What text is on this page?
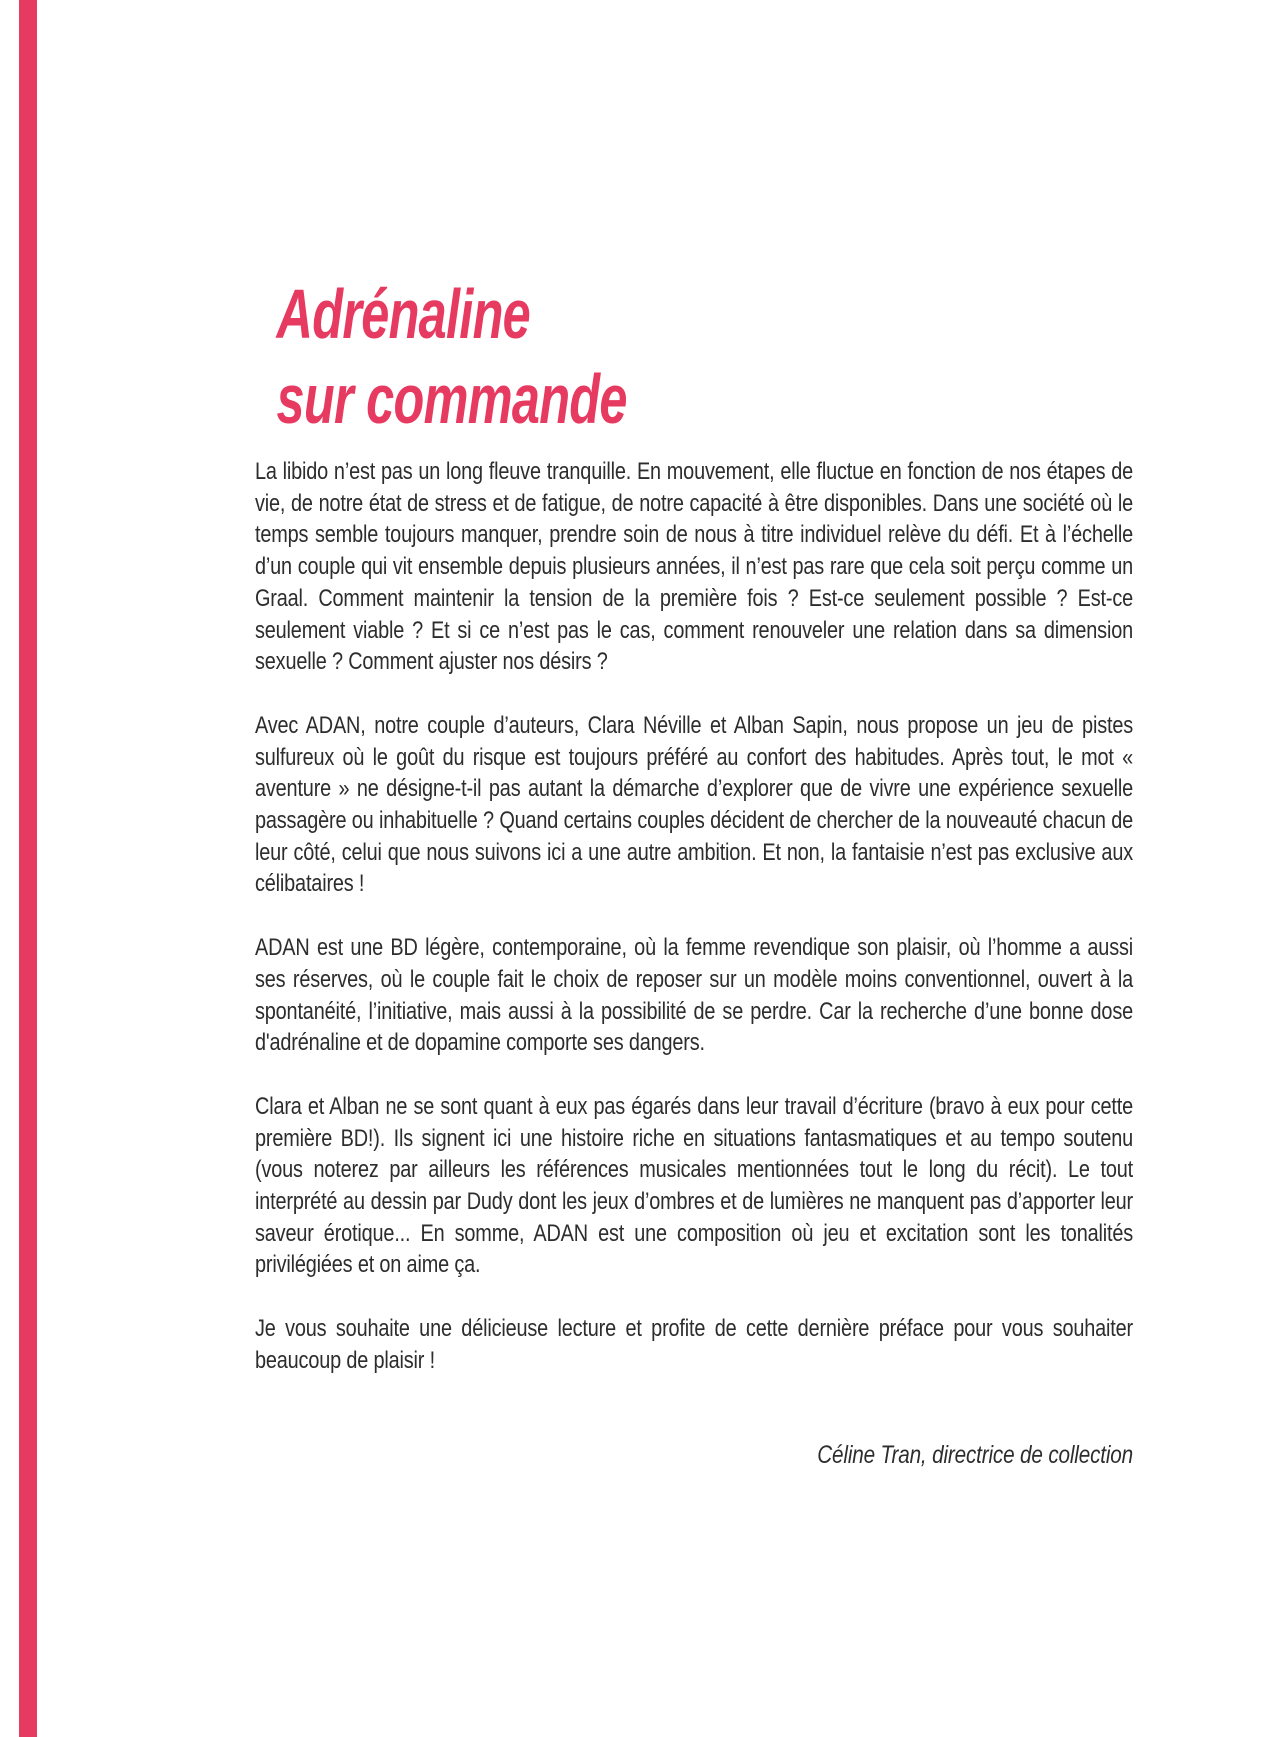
Adrénaline
sur commande

La libido n’est pas un long fleuve tranquille. En mouvement, elle fluctue en fonction de nos étapes de vie, de notre état de stress et de fatigue, de notre capacité à être disponibles. Dans une société où le temps semble toujours manquer, prendre soin de nous à titre individuel relève du défi. Et à l’échelle d’un couple qui vit ensemble depuis plusieurs années, il n’est pas rare que cela soit perçu comme un Graal. Comment maintenir la tension de la première fois ? Est-ce seulement possible ? Est-ce seulement viable ? Et si ce n’est pas le cas, comment renouveler une relation dans sa dimension sexuelle ? Comment ajuster nos désirs ?

Avec ADAN, notre couple d’auteurs, Clara Néville et Alban Sapin, nous propose un jeu de pistes sulfureux où le goût du risque est toujours préféré au confort des habitudes. Après tout, le mot « aventure » ne désigne-t-il pas autant la démarche d’explorer que de vivre une expérience sexuelle passagère ou inhabituelle ? Quand certains couples décident de chercher de la nouveauté chacun de leur côté, celui que nous suivons ici a une autre ambition. Et non, la fantaisie n’est pas exclusive aux célibataires !

ADAN est une BD légère, contemporaine, où la femme revendique son plaisir, où l’homme a aussi ses réserves, où le couple fait le choix de reposer sur un modèle moins conventionnel, ouvert à la spontanéité, l’initiative, mais aussi à la possibilité de se perdre. Car la recherche d’une bonne dose d'adrénaline et de dopamine comporte ses dangers.

Clara et Alban ne se sont quant à eux pas égarés dans leur travail d’écriture (bravo à eux pour cette première BD!). Ils signent ici une histoire riche en situations fantasmatiques et au tempo soutenu (vous noterez par ailleurs les références musicales mentionnées tout le long du récit). Le tout interprété au dessin par Dudy dont les jeux d’ombres et de lumières ne manquent pas d’apporter leur saveur érotique... En somme, ADAN est une composition où jeu et excitation sont les tonalités privilégiées et on aime ça.

Je vous souhaite une délicieuse lecture et profite de cette dernière préface pour vous souhaiter beaucoup de plaisir !

Céline Tran, directrice de collection
